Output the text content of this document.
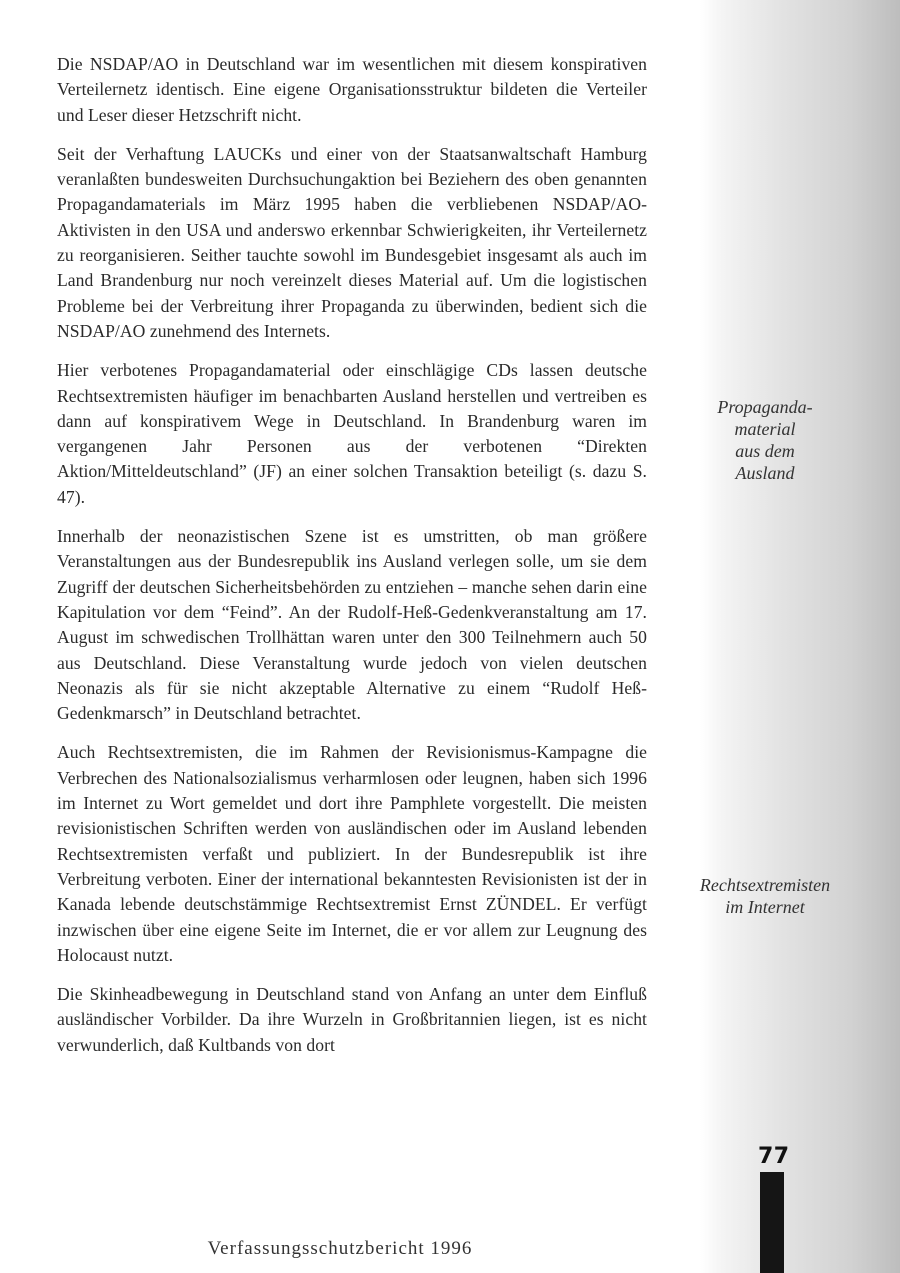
Die NSDAP/AO in Deutschland war im wesentlichen mit diesem konspirativen Verteilernetz identisch. Eine eigene Organisationsstruktur bildeten die Verteiler und Leser dieser Hetzschrift nicht.

Seit der Verhaftung LAUCKs und einer von der Staatsanwaltschaft Hamburg veranlaßten bundesweiten Durchsuchungaktion bei Beziehern des oben genannten Propagandamaterials im März 1995 haben die verbliebenen NSDAP/AO-Aktivisten in den USA und anderswo erkennbar Schwierigkeiten, ihr Verteilernetz zu reorganisieren. Seither tauchte sowohl im Bundesgebiet insgesamt als auch im Land Brandenburg nur noch vereinzelt dieses Material auf. Um die logistischen Probleme bei der Verbreitung ihrer Propaganda zu überwinden, bedient sich die NSDAP/AO zunehmend des Internets.

Hier verbotenes Propagandamaterial oder einschlägige CDs lassen deutsche Rechtsextremisten häufiger im benachbarten Ausland herstellen und vertreiben es dann auf konspirativem Wege in Deutschland. In Brandenburg waren im vergangenen Jahr Personen aus der verbotenen “Direkten Aktion/Mitteldeutschland” (JF) an einer solchen Transaktion beteiligt (s. dazu S. 47).

Innerhalb der neonazistischen Szene ist es umstritten, ob man größere Veranstaltungen aus der Bundesrepublik ins Ausland verlegen solle, um sie dem Zugriff der deutschen Sicherheitsbehörden zu entziehen – manche sehen darin eine Kapitulation vor dem “Feind”. An der Rudolf-Heß-Gedenkveranstaltung am 17. August im schwedischen Trollhättan waren unter den 300 Teilnehmern auch 50 aus Deutschland. Diese Veranstaltung wurde jedoch von vielen deutschen Neonazis als für sie nicht akzeptable Alternative zu einem “Rudolf Heß-Gedenkmarsch” in Deutschland betrachtet.

Auch Rechtsextremisten, die im Rahmen der Revisionismus-Kampagne die Verbrechen des Nationalsozialismus verharmlosen oder leugnen, haben sich 1996 im Internet zu Wort gemeldet und dort ihre Pamphlete vorgestellt. Die meisten revisionistischen Schriften werden von ausländischen oder im Ausland lebenden Rechtsextremisten verfaßt und publiziert. In der Bundesrepublik ist ihre Verbreitung verboten. Einer der international bekanntesten Revisionisten ist der in Kanada lebende deutschstämmige Rechtsextremist Ernst ZÜNDEL. Er verfügt inzwischen über eine eigene Seite im Internet, die er vor allem zur Leugnung des Holocaust nutzt.

Die Skinheadbewegung in Deutschland stand von Anfang an unter dem Einfluß ausländischer Vorbilder. Da ihre Wurzeln in Großbritannien liegen, ist es nicht verwunderlich, daß Kultbands von dort

Propaganda-
material
aus dem
Ausland
Rechtsextremisten
im Internet
77
Verfassungsschutzbericht 1996
